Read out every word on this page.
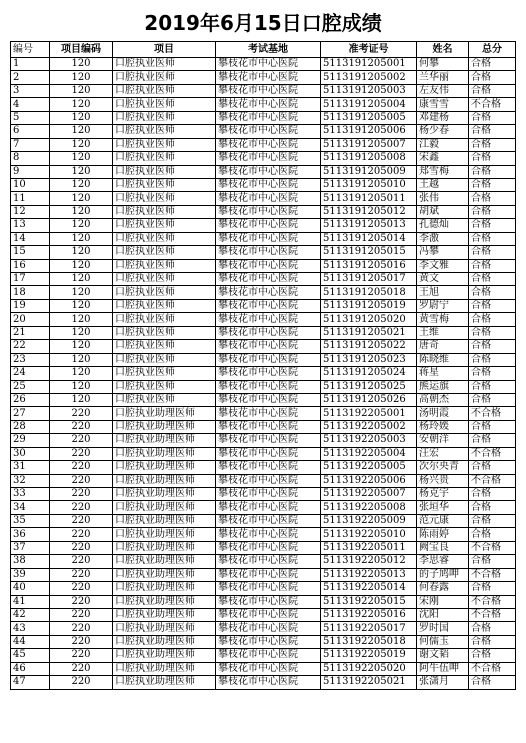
2019年6月15日口腔成绩
编号	项目编码	项目	考试基地	准考证号	姓名	总分
1	120	口腔执业医师	攀枝花市中心医院	5113191205001	何攀	合格
2	120	口腔执业医师	攀枝花市中心医院	5113191205002	兰华丽	合格
3	120	口腔执业医师	攀枝花市中心医院	5113191205003	左友伟	合格
4	120	口腔执业医师	攀枝花市中心医院	5113191205004	康雪雪	不合格
5	120	口腔执业医师	攀枝花市中心医院	5113191205005	邓建杨	合格
6	120	口腔执业医师	攀枝花市中心医院	5113191205006	杨少春	合格
7	120	口腔执业医师	攀枝花市中心医院	5113191205007	江毅	合格
8	120	口腔执业医师	攀枝花市中心医院	5113191205008	宋鑫	合格
9	120	口腔执业医师	攀枝花市中心医院	5113191205009	郑雪梅	合格
10	120	口腔执业医师	攀枝花市中心医院	5113191205010	王越	合格
11	120	口腔执业医师	攀枝花市中心医院	5113191205011	张伟	合格
12	120	口腔执业医师	攀枝花市中心医院	5113191205012	胡斌	合格
13	120	口腔执业医师	攀枝花市中心医院	5113191205013	孔德灿	合格
14	120	口腔执业医师	攀枝花市中心医院	5113191205014	李激	合格
15	120	口腔执业医师	攀枝花市中心医院	5113191205015	冯攀	合格
16	120	口腔执业医师	攀枝花市中心医院	5113191205016	李文雅	合格
17	120	口腔执业医师	攀枝花市中心医院	5113191205017	黄文	合格
18	120	口腔执业医师	攀枝花市中心医院	5113191205018	王旭	合格
19	120	口腔执业医师	攀枝花市中心医院	5113191205019	罗尉宁	合格
20	120	口腔执业医师	攀枝花市中心医院	5113191205020	黄雪梅	合格
21	120	口腔执业医师	攀枝花市中心医院	5113191205021	王维	合格
22	120	口腔执业医师	攀枝花市中心医院	5113191205022	唐奇	合格
23	120	口腔执业医师	攀枝花市中心医院	5113191205023	陈晓维	合格
24	120	口腔执业医师	攀枝花市中心医院	5113191205024	蒋星	合格
25	120	口腔执业医师	攀枝花市中心医院	5113191205025	熊运旗	合格
26	120	口腔执业医师	攀枝花市中心医院	5113191205026	高朝杰	合格
27	220	口腔执业助理医师	攀枝花市中心医院	5113192205001	汤明霞	不合格
28	220	口腔执业助理医师	攀枝花市中心医院	5113192205002	杨玲媛	合格
29	220	口腔执业助理医师	攀枝花市中心医院	5113192205003	安朝洋	合格
30	220	口腔执业助理医师	攀枝花市中心医院	5113192205004	汪宏	不合格
31	220	口腔执业助理医师	攀枝花市中心医院	5113192205005	次尔央青	合格
32	220	口腔执业助理医师	攀枝花市中心医院	5113192205006	杨兴贵	不合格
33	220	口腔执业助理医师	攀枝花市中心医院	5113192205007	杨克宇	合格
34	220	口腔执业助理医师	攀枝花市中心医院	5113192205008	张垣华	合格
35	220	口腔执业助理医师	攀枝花市中心医院	5113192205009	范元康	合格
36	220	口腔执业助理医师	攀枝花市中心医院	5113192205010	陈雨婷	合格
37	220	口腔执业助理医师	攀枝花市中心医院	5113192205011	阙宝良	不合格
38	220	口腔执业助理医师	攀枝花市中心医院	5113192205012	李思睿	合格
39	220	口腔执业助理医师	攀枝花市中心医院	5113192205013	的子鸠呷	不合格
40	220	口腔执业助理医师	攀枝花市中心医院	5113192205014	何春露	合格
41	220	口腔执业助理医师	攀枝花市中心医院	5113192205015	宋刚	不合格
42	220	口腔执业助理医师	攀枝花市中心医院	5113192205016	沈阳	不合格
43	220	口腔执业助理医师	攀枝花市中心医院	5113192205017	罗时国	合格
44	220	口腔执业助理医师	攀枝花市中心医院	5113192205018	何儒玉	合格
45	220	口腔执业助理医师	攀枝花市中心医院	5113192205019	谢文韬	合格
46	220	口腔执业助理医师	攀枝花市中心医院	5113192205020	阿牛伍呷	不合格
47	220	口腔执业助理医师	攀枝花市中心医院	5113192205021	张潇月	合格
